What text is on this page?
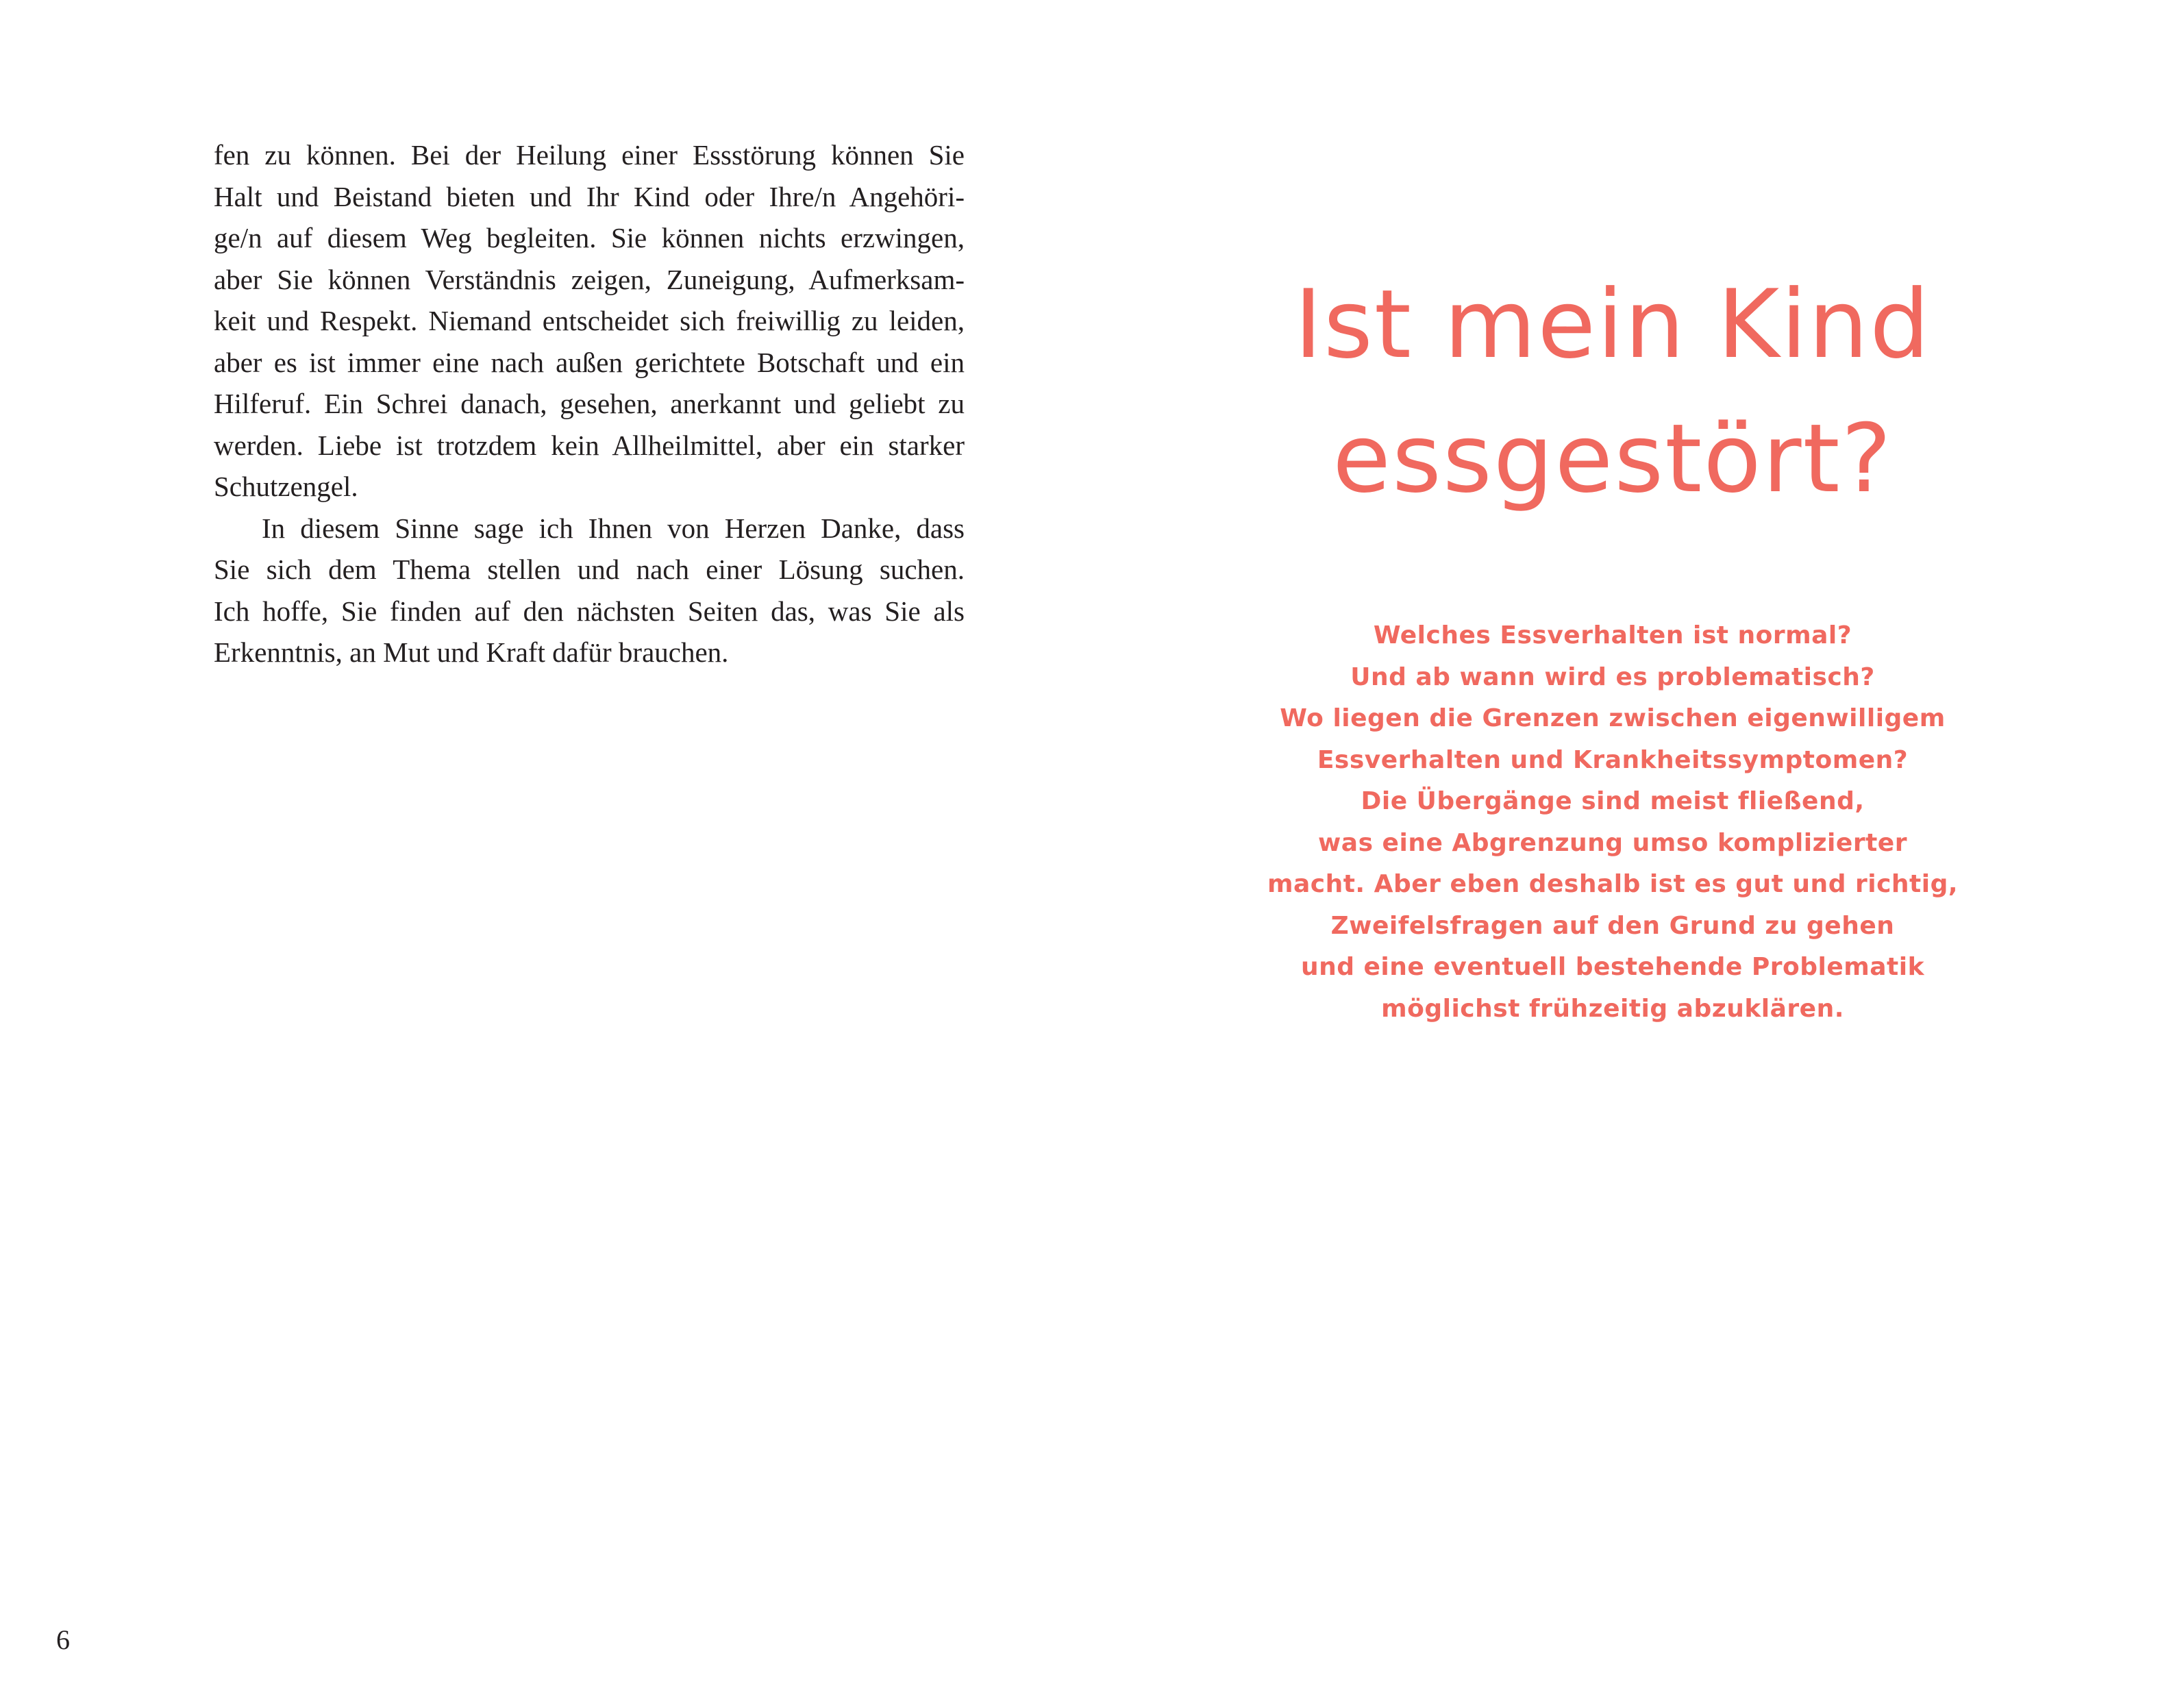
fen zu können. Bei der Heilung einer Essstörung können Sie
Halt und Beistand bieten und Ihr Kind oder Ihre/n Angehöri-
ge/n auf diesem Weg begleiten. Sie können nichts erzwingen,
aber Sie können Verständnis zeigen, Zuneigung, Aufmerksam-
keit und Respekt. Niemand entscheidet sich freiwillig zu leiden,
aber es ist immer eine nach außen gerichtete Botschaft und ein
Hilferuf. Ein Schrei danach, gesehen, anerkannt und geliebt zu
werden. Liebe ist trotzdem kein Allheilmittel, aber ein starker
Schutzengel.
In diesem Sinne sage ich Ihnen von Herzen Danke, dass
Sie sich dem Thema stellen und nach einer Lösung suchen.
Ich hoffe, Sie finden auf den nächsten Seiten das, was Sie als
Erkenntnis, an Mut und Kraft dafür brauchen.
6
Ist mein Kind
essgestört?
Welches Essverhalten ist normal?
Und ab wann wird es problematisch?
Wo liegen die Grenzen zwischen eigenwilligem
Essverhalten und Krankheitssymptomen?
Die Übergänge sind meist fließend,
was eine Abgrenzung umso komplizierter
macht. Aber eben deshalb ist es gut und richtig,
Zweifelsfragen auf den Grund zu gehen
und eine eventuell bestehende Problematik
möglichst frühzeitig abzuklären.
